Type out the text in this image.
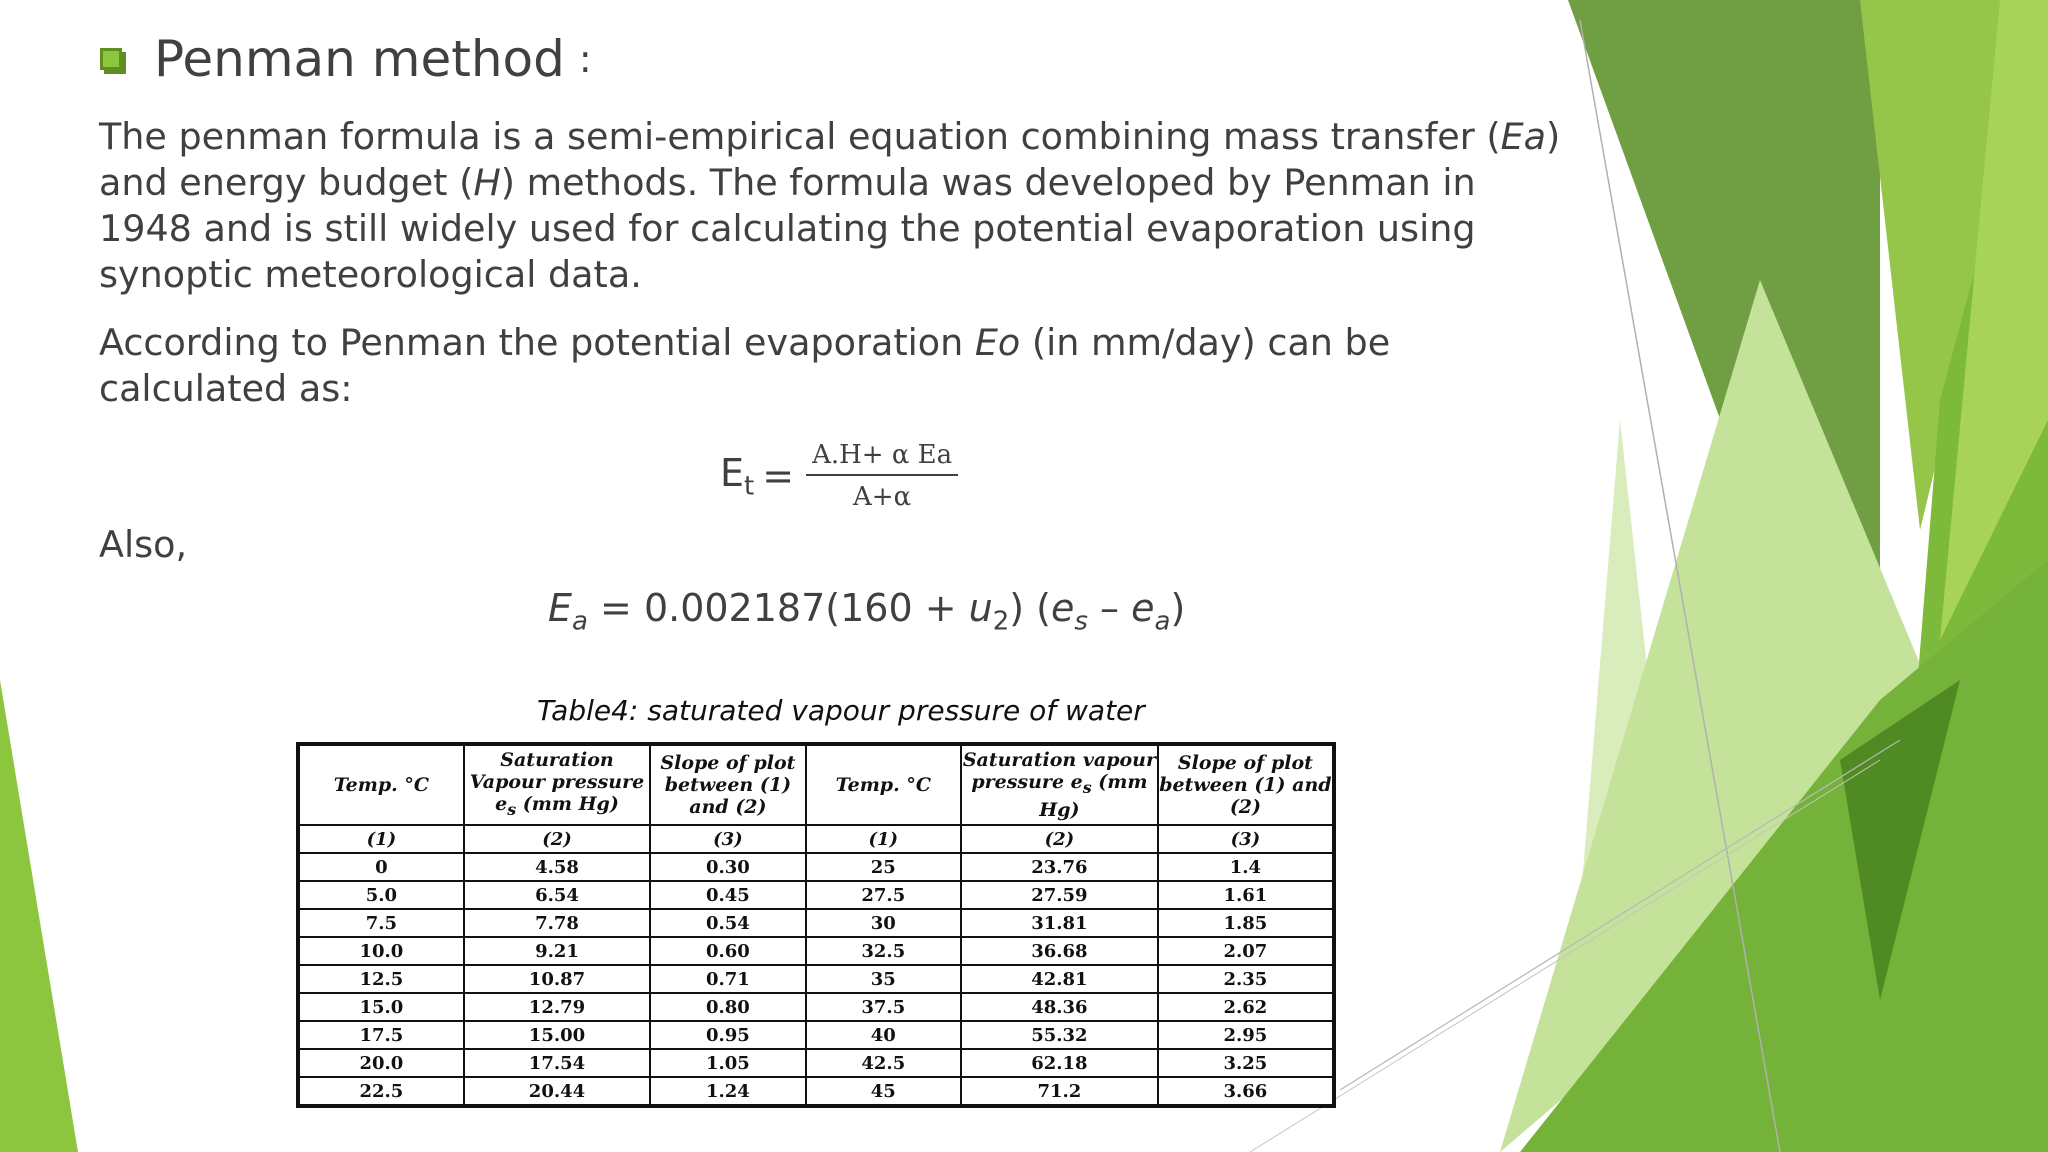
Penman method :
The penman formula is a semi-empirical equation combining mass transfer (Ea) and energy budget (H) methods. The formula was developed by Penman in 1948 and is still widely used for calculating the potential evaporation using synoptic meteorological data.
According to Penman the potential evaporation Eo (in mm/day) can be calculated as:
$E_t = \frac{\text{A.H+ α Ea}}{A+\alpha}$
Also,
$E_a = 0.002187(160 + u_2)$ $(e_s - e_a)$
Table4: saturated vapour pressure of water
Temp. °C	Saturation Vapour pressure $e_s$ (mm Hg)	Slope of plot between (1) and (2)	Temp. °C	Saturation vapour pressure $e_s$ (mm Hg)	Slope of plot between (1) and (2)
(1)	(2)	(3)	(1)	(2)	(3)
0	4.58	0.30	25	23.76	1.4
5.0	6.54	0.45	27.5	27.59	1.61
7.5	7.78	0.54	30	31.81	1.85
10.0	9.21	0.60	32.5	36.68	2.07
12.5	10.87	0.71	35	42.81	2.35
15.0	12.79	0.80	37.5	48.36	2.62
17.5	15.00	0.95	40	55.32	2.95
20.0	17.54	1.05	42.5	62.18	3.25
22.5	20.44	1.24	45	71.2	3.66
